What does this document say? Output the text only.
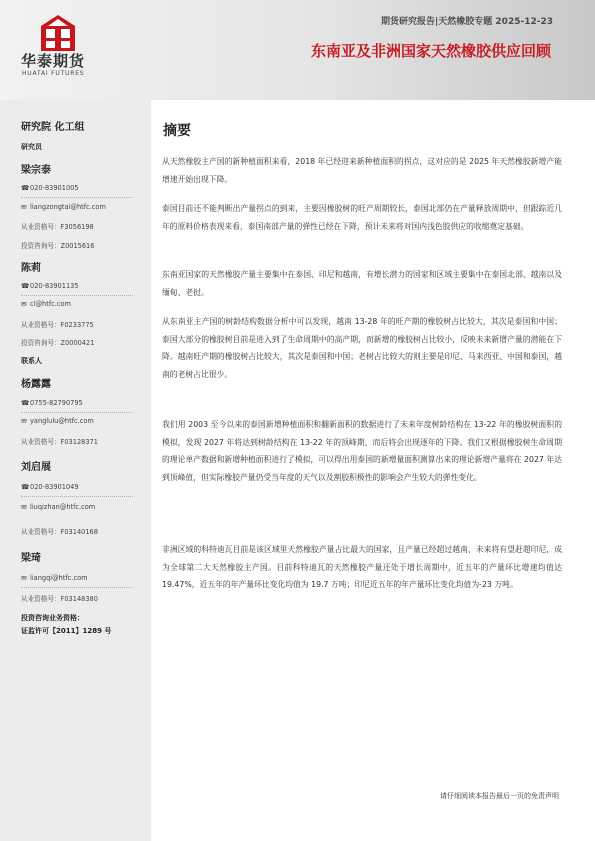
华泰期货
HUATAI FUTURES
期货研究报告|天然橡胶专题 2025-12-23
东南亚及非洲国家天然橡胶供应回顾
研究院 化工组
研究员
梁宗泰
☎020-83901005
✉ liangzongtai@htfc.com
从业资格号：F3056198
投资咨询号：Z0015616
陈莉
☎020-83901135
✉ cl@htfc.com
从业资格号：F0233775
投资咨询号：Z0000421
联系人
杨露露
☎0755-82790795
✉ yanglulu@htfc.com
从业资格号：F03128371
刘启展
☎020-83901049
✉ liuqizhan@htfc.com
从业资格号：F03140168
梁琦
✉ liangqi@htfc.com
从业资格号：F03148380
投资咨询业务资格：
证监许可【2011】1289 号
摘要

从天然橡胶主产国的新种植面积来看，2018 年已经迎来新种植面积的拐点，这对应的是 2025 年天然橡胶新增产能增速开始出现下降。

泰国目前还不能判断出产量拐点的到来，主要因橡胶树的旺产周期较长，泰国北部仍在产量释放周期中，但跟踪近几年的原料价格表现来看，泰国南部产量的弹性已经在下降，预计未来将对国内浅色胶供应的收缩奠定基础。

东南亚国家的天然橡胶产量主要集中在泰国、印尼和越南，有增长潜力的国家和区域主要集中在泰国北部、越南以及缅甸、老挝。

从东南亚主产国的树龄结构数据分析中可以发现，越南 13-28 年的旺产期的橡胶树占比较大，其次是泰国和中国；泰国大部分的橡胶树目前是进入到了生命周期中的高产期，而新增的橡胶树占比较小，反映未来新增产量的潜能在下降。越南旺产期的橡胶树占比较大，其次是泰国和中国；老树占比较大的则主要是印尼、马来西亚、中国和泰国，越南的老树占比很少。

我们用 2003 至今以来的泰国新增种植面积和翻新面积的数据进行了未来年度树龄结构在 13-22 年的橡胶树面积的模拟，发现 2027 年将达到树龄结构在 13-22 年的顶峰期，而后将会出现逐年的下降。我们又根据橡胶树生命周期的理论单产数据和新增种植面积进行了模拟，可以得出用泰国的新增量面积测算出来的理论新增产量将在 2027 年达到顶峰值，但实际橡胶产量仍受当年度的天气以及割胶积极性的影响会产生较大的弹性变化。

非洲区域的科特迪瓦目前是该区域里天然橡胶产量占比最大的国家，且产量已经超过越南，未来将有望赶超印尼，成为全球第二大天然橡胶主产国。目前科特迪瓦的天然橡胶产量还处于增长周期中，近五年的产量环比增速均值达 19.47%，近五年的年产量环比变化均值为 19.7 万吨；印尼近五年的年产量环比变化均值为-23 万吨。

请仔细阅读本报告最后一页的免责声明
